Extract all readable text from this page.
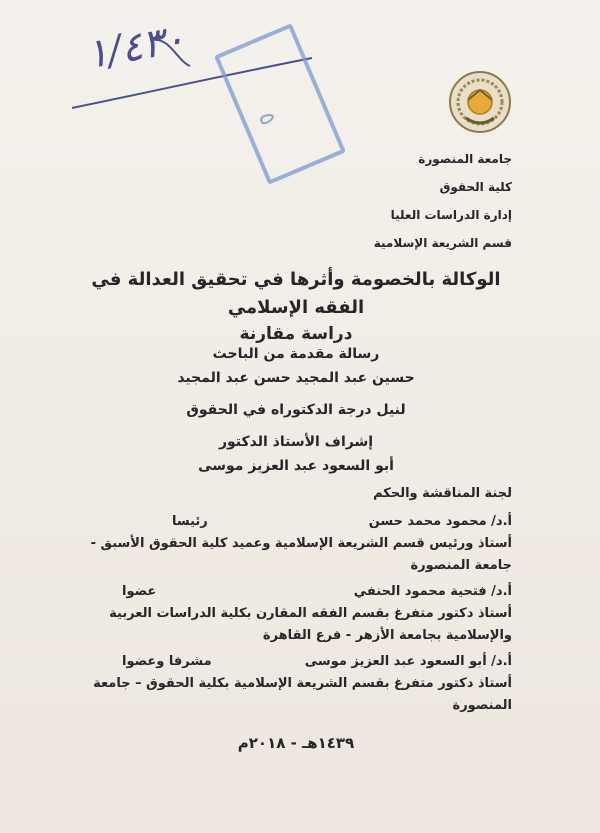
١/٤٣٠
٥
جامعة المنصورة
كلية الحقوق
إدارة الدراسات العليا
قسم الشريعة الإسلامية
الوكالة بالخصومة وأثرها في تحقيق العدالة في الفقه الإسلامي
دراسة مقارنة
رسالة مقدمة من الباحث
حسين عبد المجيد حسن عبد المجيد
لنيل درجة الدكتوراه في الحقوق
إشراف الأستاذ الدكتور
أبو السعود عبد العزيز موسى
لجنة المناقشة والحكم
أ.د/ محمود محمد حسن
رئيسا
أستاذ ورئيس قسم الشريعة الإسلامية وعميد كلية الحقوق الأسبق -
جامعة المنصورة
أ.د/ فتحية محمود الحنفي
عضوا
أستاذ دكتور متفرغ بقسم الفقه المقارن بكلية الدراسات العربية
والإسلامية بجامعة الأزهر - فرع القاهرة
أ.د/ أبو السعود عبد العزيز موسى
مشرفا وعضوا
أستاذ دكتور متفرغ بقسم الشريعة الإسلامية بكلية الحقوق – جامعة
المنصورة
١٤٣٩هـ - ٢٠١٨م
